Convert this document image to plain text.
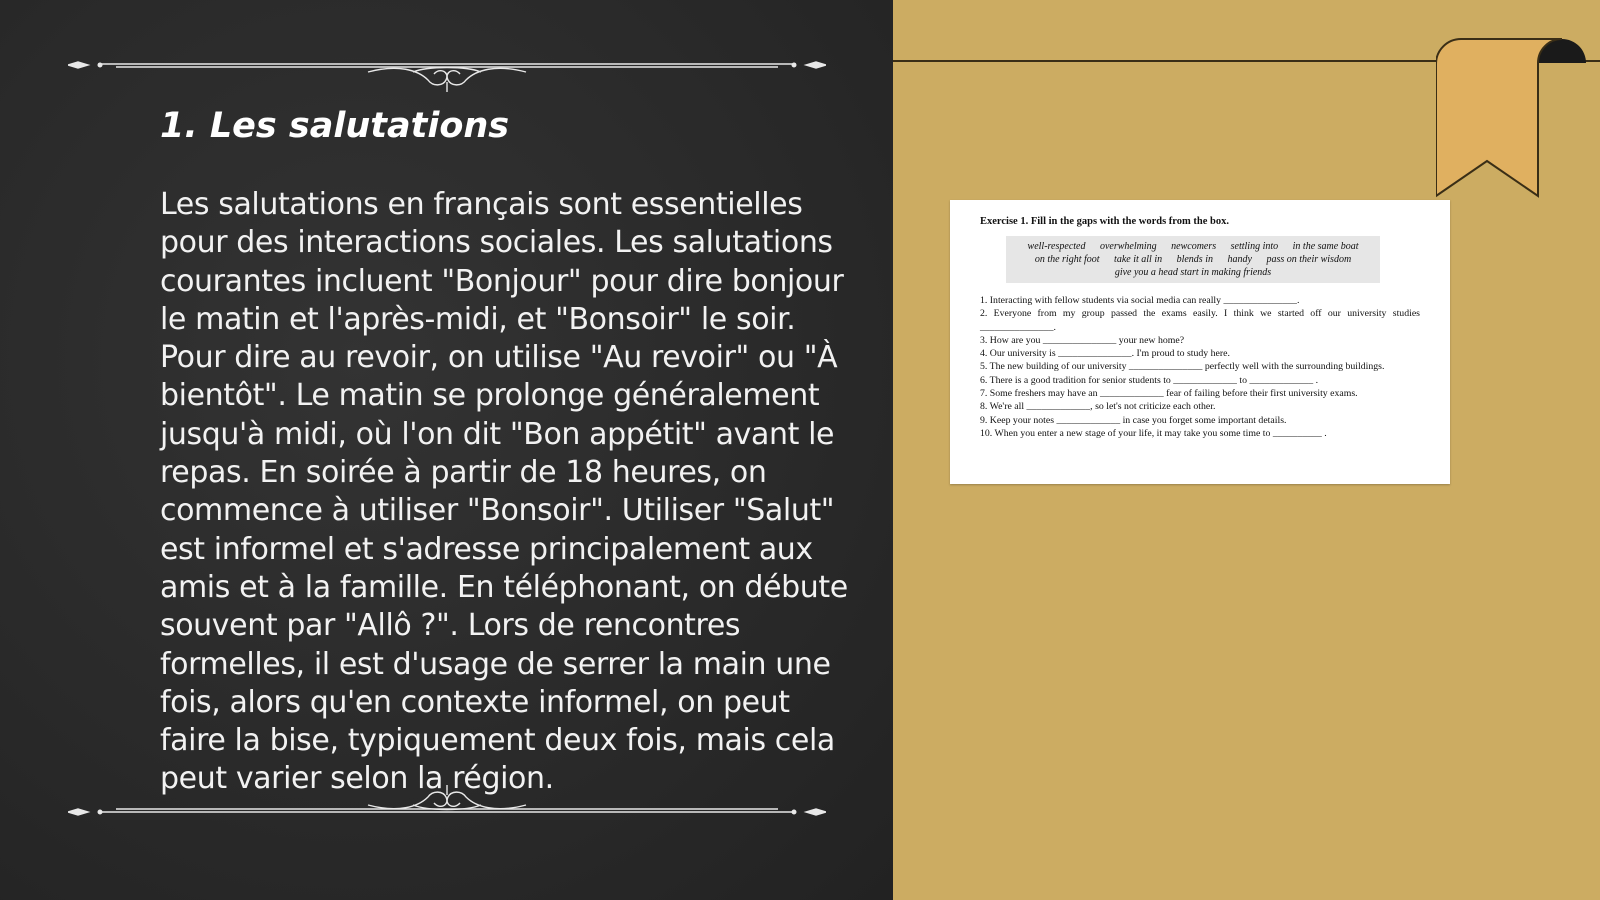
1. Les salutations

Les salutations en français sont essentielles pour des interactions sociales. Les salutations courantes incluent "Bonjour" pour dire bonjour le matin et l'après-midi, et "Bonsoir" le soir. Pour dire au revoir, on utilise "Au revoir" ou "À bientôt". Le matin se prolonge généralement jusqu'à midi, où l'on dit "Bon appétit" avant le repas. En soirée à partir de 18 heures, on commence à utiliser "Bonsoir". Utiliser "Salut" est informel et s'adresse principalement aux amis et à la famille. En téléphonant, on débute souvent par "Allô ?". Lors de rencontres formelles, il est d'usage de serrer la main une fois, alors qu'en contexte informel, on peut faire la bise, typiquement deux fois, mais cela peut varier selon la région.

Exercise 1. Fill in the gaps with the words from the box.

well-respected overwhelming newcomers settling into in the same boat
on the right foot take it all in blends in handy pass on their wisdom
give you a head start in making friends
1. Interacting with fellow students via social media can really _______________.
2. Everyone from my group passed the exams easily. I think we started off our university studies _______________.
3. How are you _______________ your new home?
4. Our university is _______________. I'm proud to study here.
5. The new building of our university _______________ perfectly well with the surrounding buildings.
6. There is a good tradition for senior students to _____________ to _____________ .
7. Some freshers may have an _____________ fear of failing before their first university exams.
8. We're all _____________, so let's not criticize each other.
9. Keep your notes _____________ in case you forget some important details.
10. When you enter a new stage of your life, it may take you some time to __________ .
